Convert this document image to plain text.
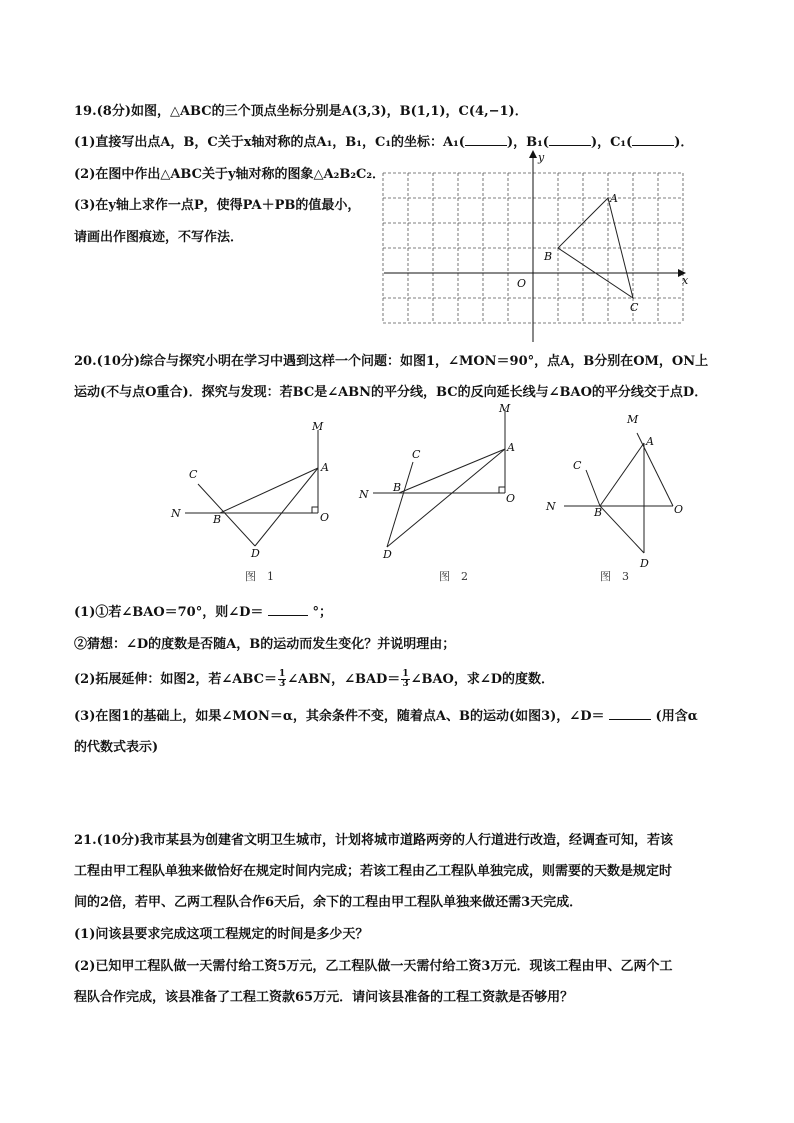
19.(8分)如图，△ABC的三个顶点坐标分别是A(3,3)，B(1,1)，C(4,−1)．
(1)直接写出点A，B，C关于x轴对称的点A₁，B₁，C₁的坐标：A₁(	)，B₁(	)，C₁(	)．
(2)在图中作出△ABC关于y轴对称的图象△A₂B₂C₂．
(3)在y轴上求作一点P，使得PA＋PB的值最小，
请画出作图痕迹，不写作法．
x
y
O
A
B
C
20.(10分)综合与探究小明在学习中遇到这样一个问题：如图1，∠MON＝90°，点A，B分别在OM，ON上
运动(不与点O重合)．探究与发现：若BC是∠ABN的平分线，BC的反向延长线与∠BAO的平分线交于点D．
M
N	O
A
B
C
D
图　1
M
N	O
A
B
C
D
图　2
M
N	O
A
B
C
D
图　3
(1)①若∠BAO＝70°，则∠D＝	°；
②猜想：∠D的度数是否随A，B的运动而发生变化？并说明理由；
(2)拓展延伸：如图2，若∠ABC＝ $\frac{1}{3}$ ∠ABN，∠BAD＝ $\frac{1}{3}$ ∠BAO，求∠D的度数．
(3)在图1的基础上，如果∠MON＝α，其余条件不变，随着点A、B的运动(如图3)，∠D＝	(用含α
的代数式表示)
21.(10分)我市某县为创建省文明卫生城市，计划将城市道路两旁的人行道进行改造，经调查可知，若该
工程由甲工程队单独来做恰好在规定时间内完成；若该工程由乙工程队单独完成，则需要的天数是规定时
间的2倍，若甲、乙两工程队合作6天后，余下的工程由甲工程队单独来做还需3天完成．
(1)问该县要求完成这项工程规定的时间是多少天？
(2)已知甲工程队做一天需付给工资5万元，乙工程队做一天需付给工资3万元．现该工程由甲、乙两个工
程队合作完成，该县准备了工程工资款65万元．请问该县准备的工程工资款是否够用？
